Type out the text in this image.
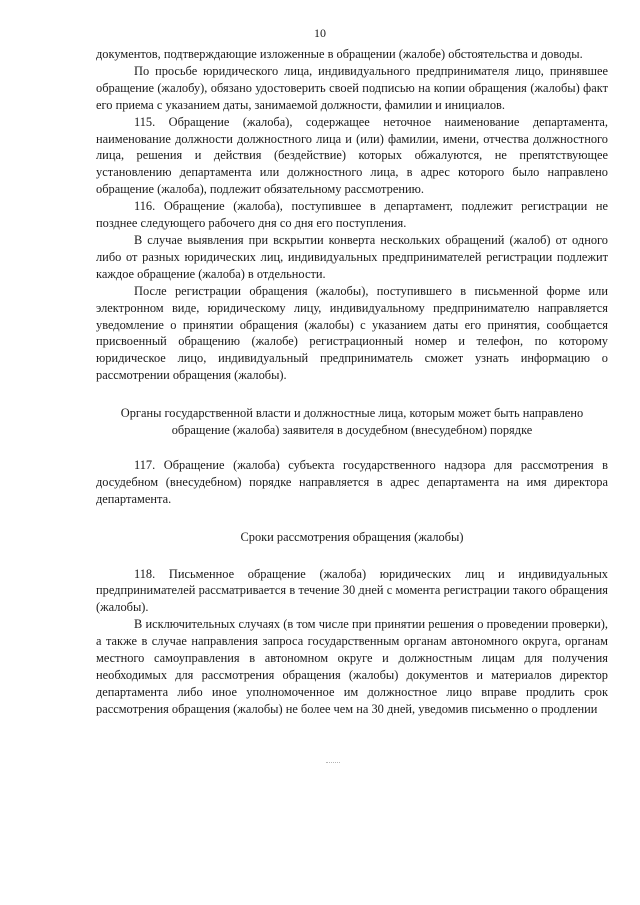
10

документов, подтверждающие изложенные в обращении (жалобе) обстоятельства и доводы.

По просьбе юридического лица, индивидуального предпринимателя лицо, принявшее обращение (жалобу), обязано удостоверить своей подписью на копии обращения (жалобы) факт его приема с указанием даты, занимаемой должности, фамилии и инициалов.

115. Обращение (жалоба), содержащее неточное наименование департамента, наименование должности должностного лица и (или) фамилии, имени, отчества должностного лица, решения и действия (бездействие) которых обжалуются, не препятствующее установлению департамента или должностного лица, в адрес которого было направлено обращение (жалоба), подлежит обязательному рассмотрению.

116. Обращение (жалоба), поступившее в департамент, подлежит регистрации не позднее следующего рабочего дня со дня его поступления.

В случае выявления при вскрытии конверта нескольких обращений (жалоб) от одного либо от разных юридических лиц, индивидуальных предпринимателей регистрации подлежит каждое обращение (жалоба) в отдельности.

После регистрации обращения (жалобы), поступившего в письменной форме или электронном виде, юридическому лицу, индивидуальному предпринимателю направляется уведомление о принятии обращения (жалобы) с указанием даты его принятия, сообщается присвоенный обращению (жалобе) регистрационный номер и телефон, по которому юридическое лицо, индивидуальный предприниматель сможет узнать информацию о рассмотрении обращения (жалобы).

Органы государственной власти и должностные лица, которым может быть направлено обращение (жалоба) заявителя в досудебном (внесудебном) порядке

117. Обращение (жалоба) субъекта государственного надзора для рассмотрения в досудебном (внесудебном) порядке направляется в адрес департамента на имя директора департамента.

Сроки рассмотрения обращения (жалобы)

118. Письменное обращение (жалоба) юридических лиц и индивидуальных предпринимателей рассматривается в течение 30 дней с момента регистрации такого обращения (жалобы).

В исключительных случаях (в том числе при принятии решения о проведении проверки), а также в случае направления запроса государственным органам автономного округа, органам местного самоуправления в автономном округе и должностным лицам для получения необходимых для рассмотрения обращения (жалобы) документов и материалов директор департамента либо иное уполномоченное им должностное лицо вправе продлить срок рассмотрения обращения (жалобы) не более чем на 30 дней, уведомив письменно о продлении
